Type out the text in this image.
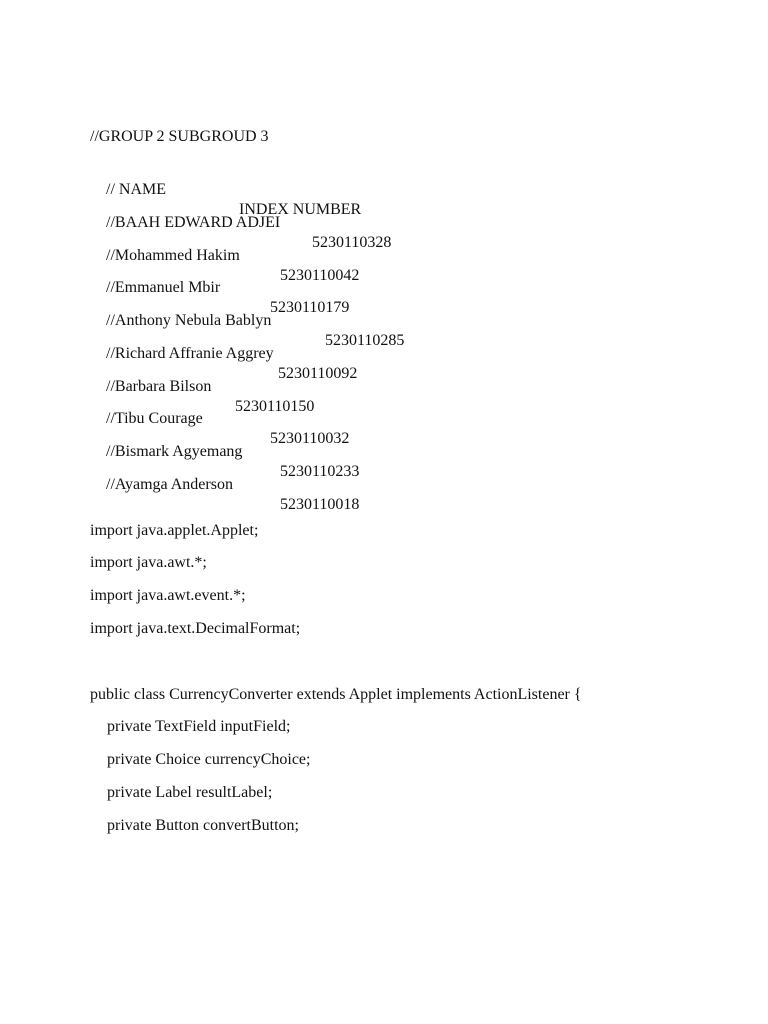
//GROUP 2 SUBGROUD 3

// NAME

INDEX NUMBER

//BAAH EDWARD ADJEI

5230110328

//Mohammed Hakim

5230110042

//Emmanuel Mbir

5230110179

//Anthony Nebula Bablyn

5230110285

//Richard Affranie Aggrey

5230110092

//Barbara Bilson

5230110150

//Tibu Courage

5230110032

//Bismark Agyemang

5230110233

//Ayamga Anderson

5230110018

import java.applet.Applet;
import java.awt.*;
import java.awt.event.*;
import java.text.DecimalFormat;
public class CurrencyConverter extends Applet implements ActionListener {
private TextField inputField;
private Choice currencyChoice;
private Label resultLabel;
private Button convertButton;
